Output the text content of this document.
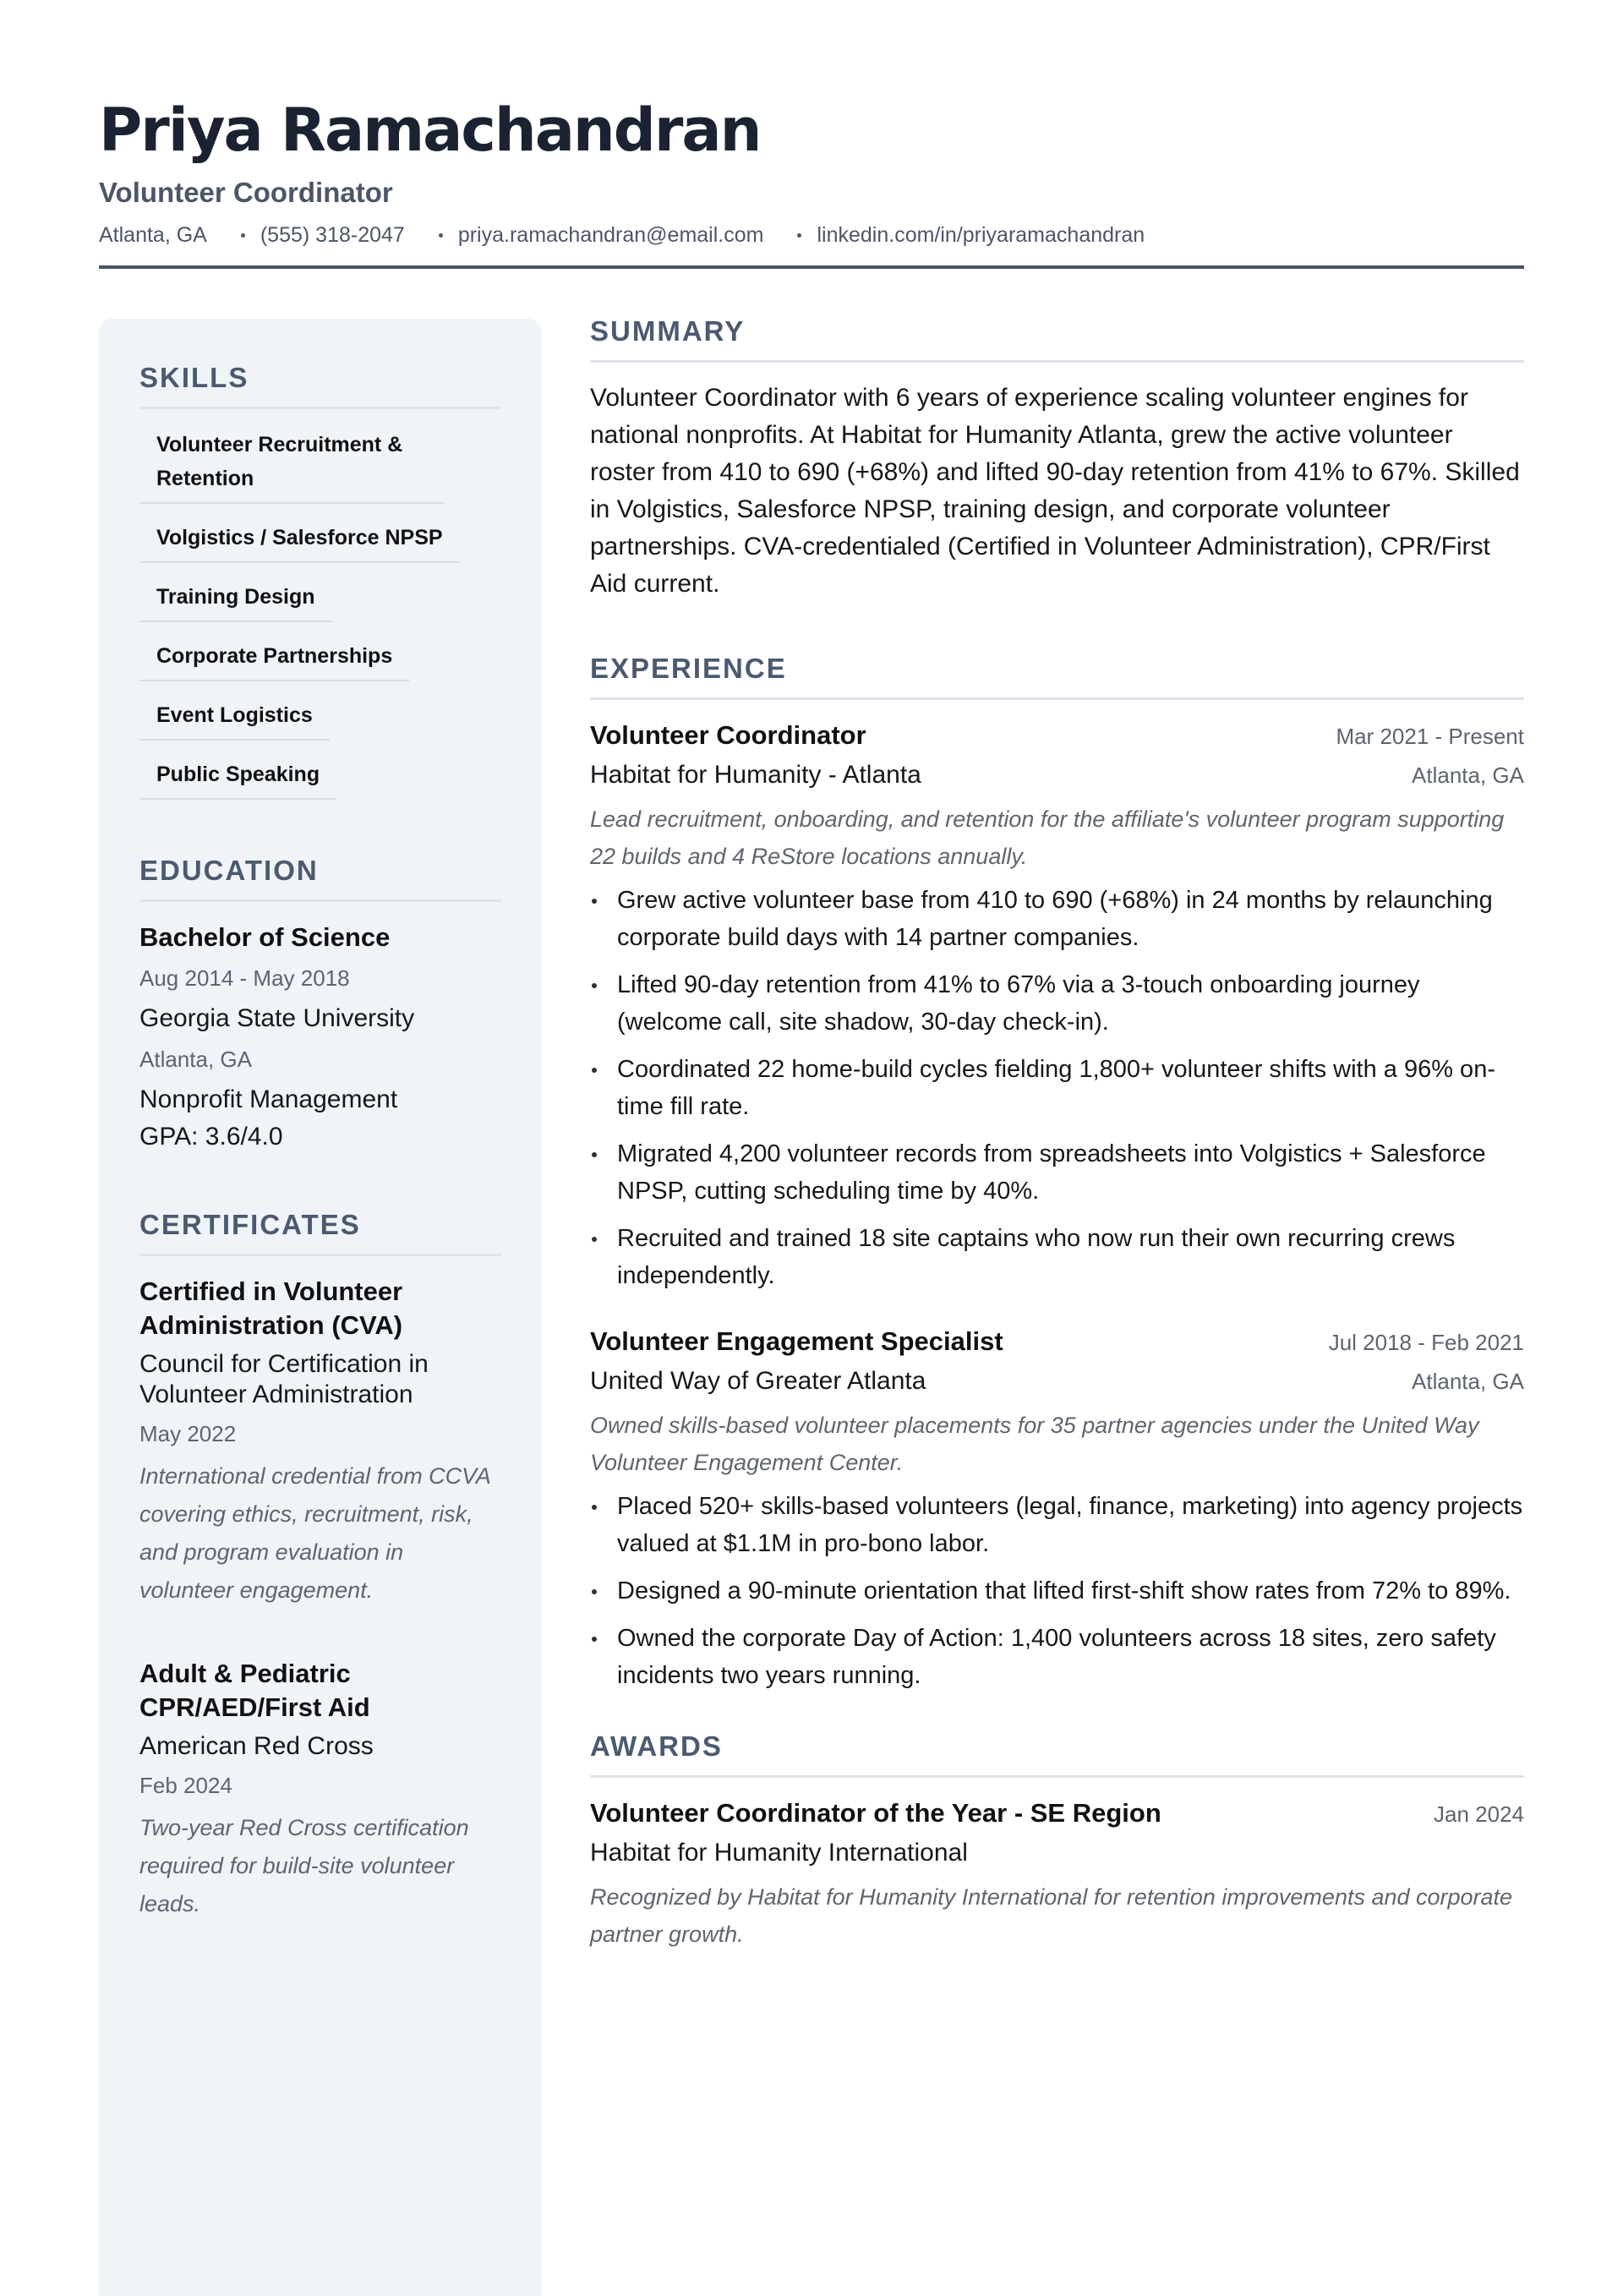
Priya Ramachandran
Volunteer Coordinator
Atlanta, GA	(555) 318-2047	priya.ramachandran@email.com	linkedin.com/in/priyaramachandran
SKILLS
Volunteer Recruitment & Retention
Volgistics / Salesforce NPSP
Training Design
Corporate Partnerships
Event Logistics
Public Speaking
EDUCATION
Bachelor of Science
Aug 2014 - May 2018
Georgia State University
Atlanta, GA
Nonprofit Management
GPA: 3.6/4.0
CERTIFICATES
Certified in Volunteer Administration (CVA)
Council for Certification in Volunteer Administration
May 2022
International credential from CCVA covering ethics, recruitment, risk, and program evaluation in volunteer engagement.
Adult & Pediatric CPR/AED/First Aid
American Red Cross
Feb 2024
Two-year Red Cross certification required for build-site volunteer leads.
SUMMARY

Volunteer Coordinator with 6 years of experience scaling volunteer engines for national nonprofits. At Habitat for Humanity Atlanta, grew the active volunteer roster from 410 to 690 (+68%) and lifted 90-day retention from 41% to 67%. Skilled in Volgistics, Salesforce NPSP, training design, and corporate volunteer partnerships. CVA-credentialed (Certified in Volunteer Administration), CPR/First Aid current.

EXPERIENCE
Volunteer Coordinator	Mar 2021 - Present
Habitat for Humanity - Atlanta	Atlanta, GA

Lead recruitment, onboarding, and retention for the affiliate's volunteer program supporting 22 builds and 4 ReStore locations annually.

Grew active volunteer base from 410 to 690 (+68%) in 24 months by relaunching corporate build days with 14 partner companies.
Lifted 90-day retention from 41% to 67% via a 3-touch onboarding journey (welcome call, site shadow, 30-day check-in).
Coordinated 22 home-build cycles fielding 1,800+ volunteer shifts with a 96% on-time fill rate.
Migrated 4,200 volunteer records from spreadsheets into Volgistics + Salesforce NPSP, cutting scheduling time by 40%.
Recruited and trained 18 site captains who now run their own recurring crews independently.
Volunteer Engagement Specialist	Jul 2018 - Feb 2021
United Way of Greater Atlanta	Atlanta, GA

Owned skills-based volunteer placements for 35 partner agencies under the United Way Volunteer Engagement Center.

Placed 520+ skills-based volunteers (legal, finance, marketing) into agency projects valued at $1.1M in pro-bono labor.
Designed a 90-minute orientation that lifted first-shift show rates from 72% to 89%.
Owned the corporate Day of Action: 1,400 volunteers across 18 sites, zero safety incidents two years running.
AWARDS
Volunteer Coordinator of the Year - SE Region	Jan 2024
Habitat for Humanity International

Recognized by Habitat for Humanity International for retention improvements and corporate partner growth.
